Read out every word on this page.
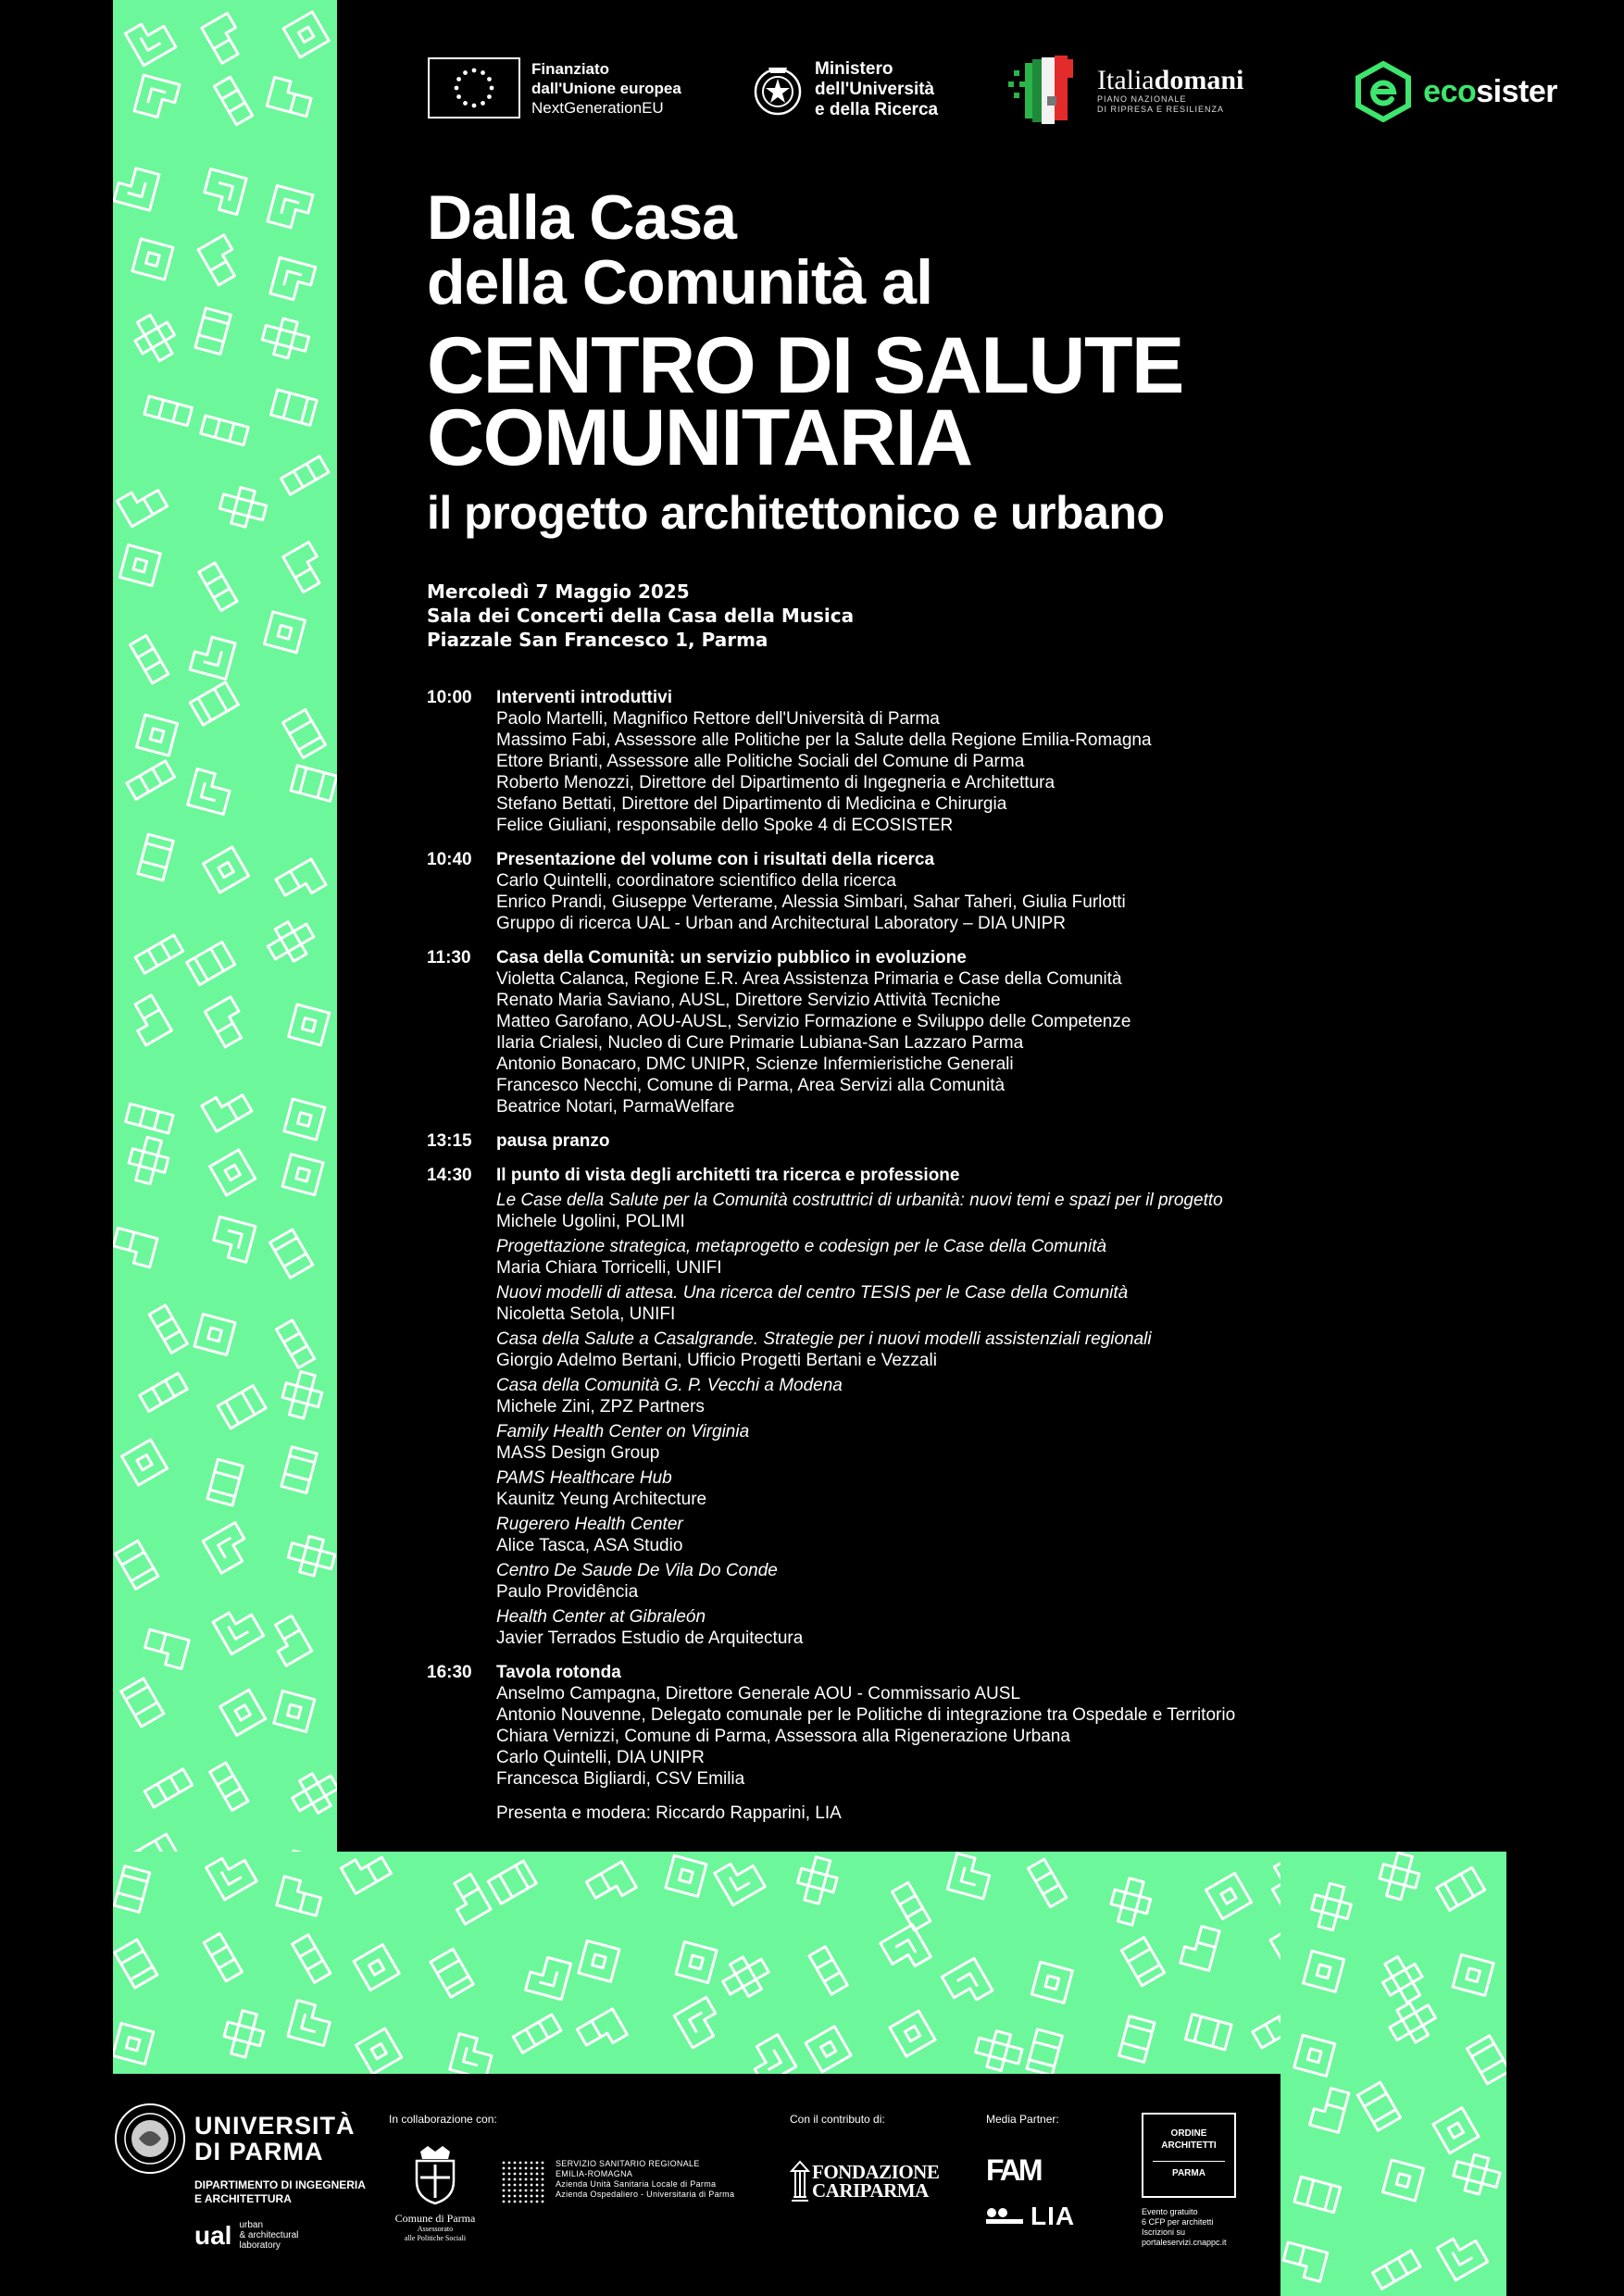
Finanziato
dall'Unione europea
NextGenerationEU
Ministero
dell'Università
e della Ricerca
Italiadomani
PIANO NAZIONALE
DI RIPRESA E RESILIENZA
ecosister
Dalla Casa
della Comunità al
CENTRO DI SALUTE
COMUNITARIA
il progetto architettonico e urbano
Mercoledì 7 Maggio 2025
Sala dei Concerti della Casa della Musica
Piazzale San Francesco 1, Parma
10:00	Interventi introduttivi
Paolo Martelli, Magnifico Rettore dell'Università di Parma
Massimo Fabi, Assessore alle Politiche per la Salute della Regione Emilia-Romagna
Ettore Brianti, Assessore alle Politiche Sociali del Comune di Parma
Roberto Menozzi, Direttore del Dipartimento di Ingegneria e Architettura
Stefano Bettati, Direttore del Dipartimento di Medicina e Chirurgia
Felice Giuliani, responsabile dello Spoke 4 di ECOSISTER
10:40	Presentazione del volume con i risultati della ricerca
Carlo Quintelli, coordinatore scientifico della ricerca
Enrico Prandi, Giuseppe Verterame, Alessia Simbari, Sahar Taheri, Giulia Furlotti
Gruppo di ricerca UAL - Urban and Architectural Laboratory – DIA UNIPR
11:30	Casa della Comunità: un servizio pubblico in evoluzione
Violetta Calanca, Regione E.R. Area Assistenza Primaria e Case della Comunità
Renato Maria Saviano, AUSL, Direttore Servizio Attività Tecniche
Matteo Garofano, AOU-AUSL, Servizio Formazione e Sviluppo delle Competenze
Ilaria Crialesi, Nucleo di Cure Primarie Lubiana-San Lazzaro Parma
Antonio Bonacaro, DMC UNIPR, Scienze Infermieristiche Generali
Francesco Necchi, Comune di Parma, Area Servizi alla Comunità
Beatrice Notari, ParmaWelfare
13:15	pausa pranzo
14:30	Il punto di vista degli architetti tra ricerca e professione
Le Case della Salute per la Comunità costruttrici di urbanità: nuovi temi e spazi per il progetto
Michele Ugolini, POLIMI
Progettazione strategica, metaprogetto e codesign per le Case della Comunità
Maria Chiara Torricelli, UNIFI
Nuovi modelli di attesa. Una ricerca del centro TESIS per le Case della Comunità
Nicoletta Setola, UNIFI
Casa della Salute a Casalgrande. Strategie per i nuovi modelli assistenziali regionali
Giorgio Adelmo Bertani, Ufficio Progetti Bertani e Vezzali
Casa della Comunità G. P. Vecchi a Modena
Michele Zini, ZPZ Partners
Family Health Center on Virginia
MASS Design Group
PAMS Healthcare Hub
Kaunitz Yeung Architecture
Rugerero Health Center
Alice Tasca, ASA Studio
Centro De Saude De Vila Do Conde
Paulo Providência
Health Center at Gibraleón
Javier Terrados Estudio de Arquitectura
16:30	Tavola rotonda
Anselmo Campagna, Direttore Generale AOU - Commissario AUSL
Antonio Nouvenne, Delegato comunale per le Politiche di integrazione tra Ospedale e Territorio
Chiara Vernizzi, Comune di Parma, Assessora alla Rigenerazione Urbana
Carlo Quintelli, DIA UNIPR
Francesca Bigliardi, CSV Emilia
Presenta e modera: Riccardo Rapparini, LIA
UNIVERSITÀ
DI PARMA
DIPARTIMENTO DI INGEGNERIA
E ARCHITETTURA
ual urban
& architectural
laboratory
In collaborazione con:
Comune di Parma
Assessorato
alle Politiche Sociali
SERVIZIO SANITARIO REGIONALE
EMILIA-ROMAGNA
Azienda Unità Sanitaria Locale di Parma
Azienda Ospedaliero - Universitaria di Parma
Con il contributo di:
FONDAZIONE
CARIPARMA
Media Partner:
FAM
LIA
ORDINE
ARCHITETTI
PARMA
Evento gratuito
6 CFP per architetti
Iscrizioni su
portaleservizi.cnappc.it
